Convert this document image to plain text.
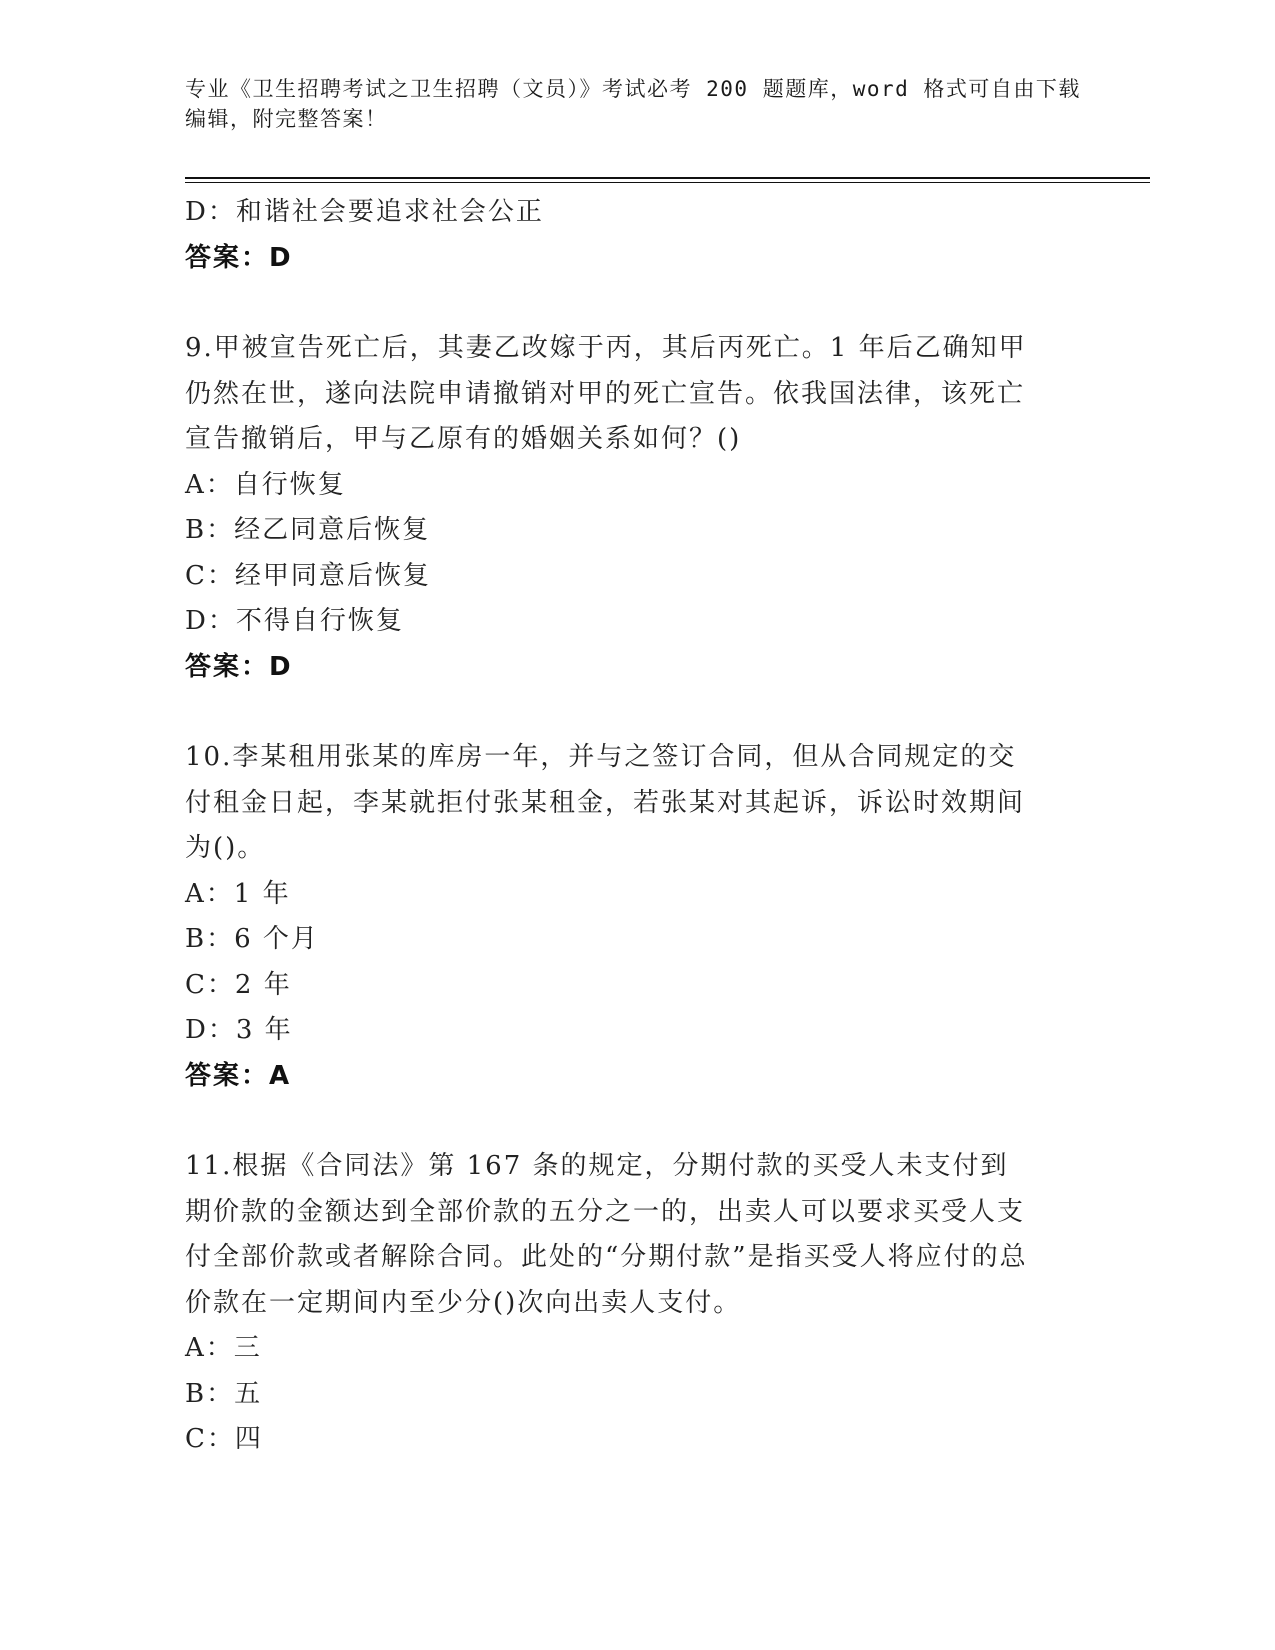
专业《卫生招聘考试之卫生招聘（文员）》考试必考 200 题题库，word 格式可自由下载编辑，附完整答案！
D：和谐社会要追求社会公正
答案：D
9.甲被宣告死亡后，其妻乙改嫁于丙，其后丙死亡。1 年后乙确知甲仍然在世，遂向法院申请撤销对甲的死亡宣告。依我国法律，该死亡宣告撤销后，甲与乙原有的婚姻关系如何？()
A：自行恢复
B：经乙同意后恢复
C：经甲同意后恢复
D：不得自行恢复
答案：D
10.李某租用张某的库房一年，并与之签订合同，但从合同规定的交付租金日起，李某就拒付张某租金，若张某对其起诉，诉讼时效期间为()。
A：1 年
B：6 个月
C：2 年
D：3 年
答案：A
11.根据《合同法》第 167 条的规定，分期付款的买受人未支付到期价款的金额达到全部价款的五分之一的，出卖人可以要求买受人支付全部价款或者解除合同。此处的“分期付款”是指买受人将应付的总价款在一定期间内至少分()次向出卖人支付。
A：三
B：五
C：四
